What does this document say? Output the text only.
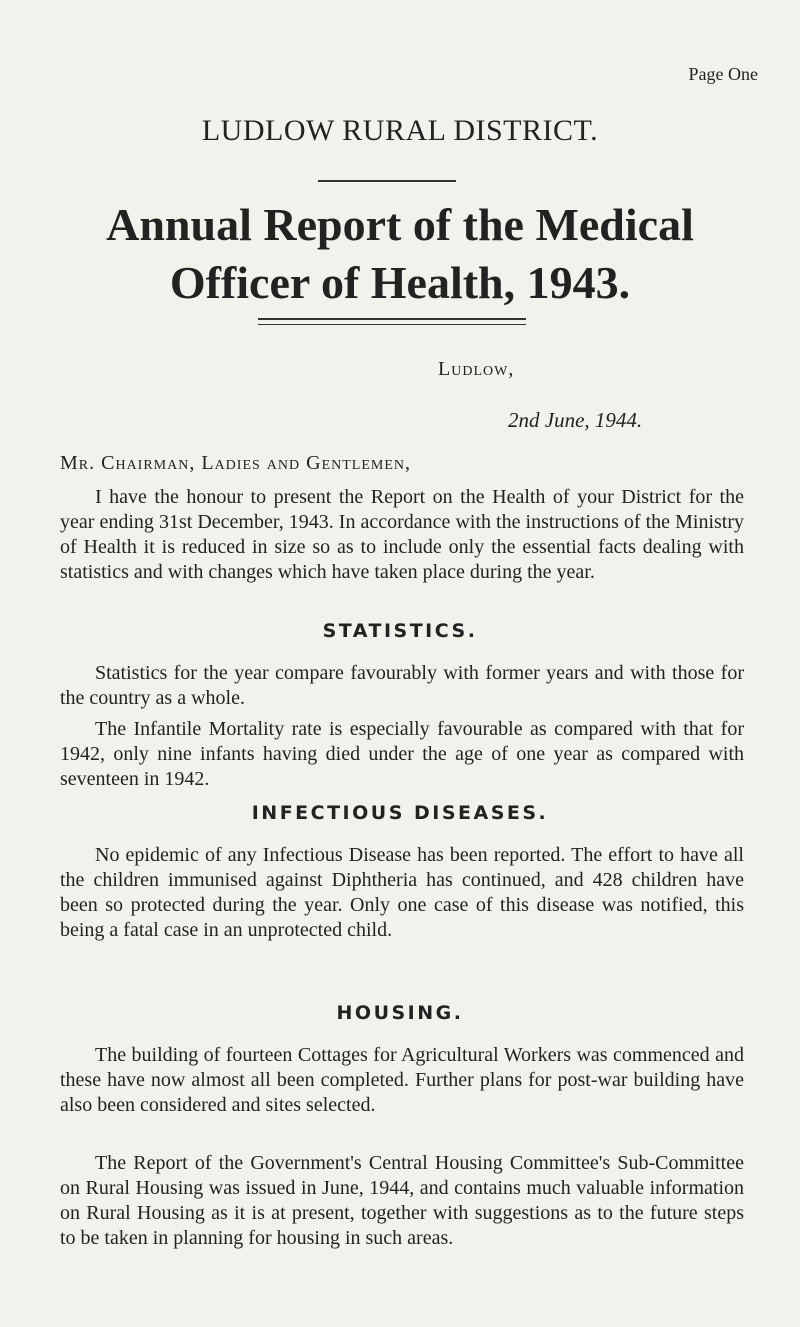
Page One
LUDLOW RURAL DISTRICT.
Annual Report of the Medical
Officer of Health, 1943.
Ludlow,
2nd June, 1944.
Mr. Chairman, Ladies and Gentlemen,

I have the honour to present the Report on the Health of your District for the year ending 31st December, 1943. In accordance with the instructions of the Ministry of Health it is reduced in size so as to include only the essential facts dealing with statistics and with changes which have taken place during the year.

STATISTICS.

Statistics for the year compare favourably with former years and with those for the country as a whole.

The Infantile Mortality rate is especially favourable as compared with that for 1942, only nine infants having died under the age of one year as compared with seventeen in 1942.

INFECTIOUS DISEASES.

No epidemic of any Infectious Disease has been reported. The effort to have all the children immunised against Diphtheria has continued, and 428 children have been so protected during the year. Only one case of this disease was notified, this being a fatal case in an unprotected child.

HOUSING.

The building of fourteen Cottages for Agricultural Workers was commenced and these have now almost all been completed. Further plans for post-war building have also been considered and sites selected.

The Report of the Government's Central Housing Committee's Sub-Committee on Rural Housing was issued in June, 1944, and contains much valuable information on Rural Housing as it is at present, together with suggestions as to the future steps to be taken in planning for housing in such areas.
